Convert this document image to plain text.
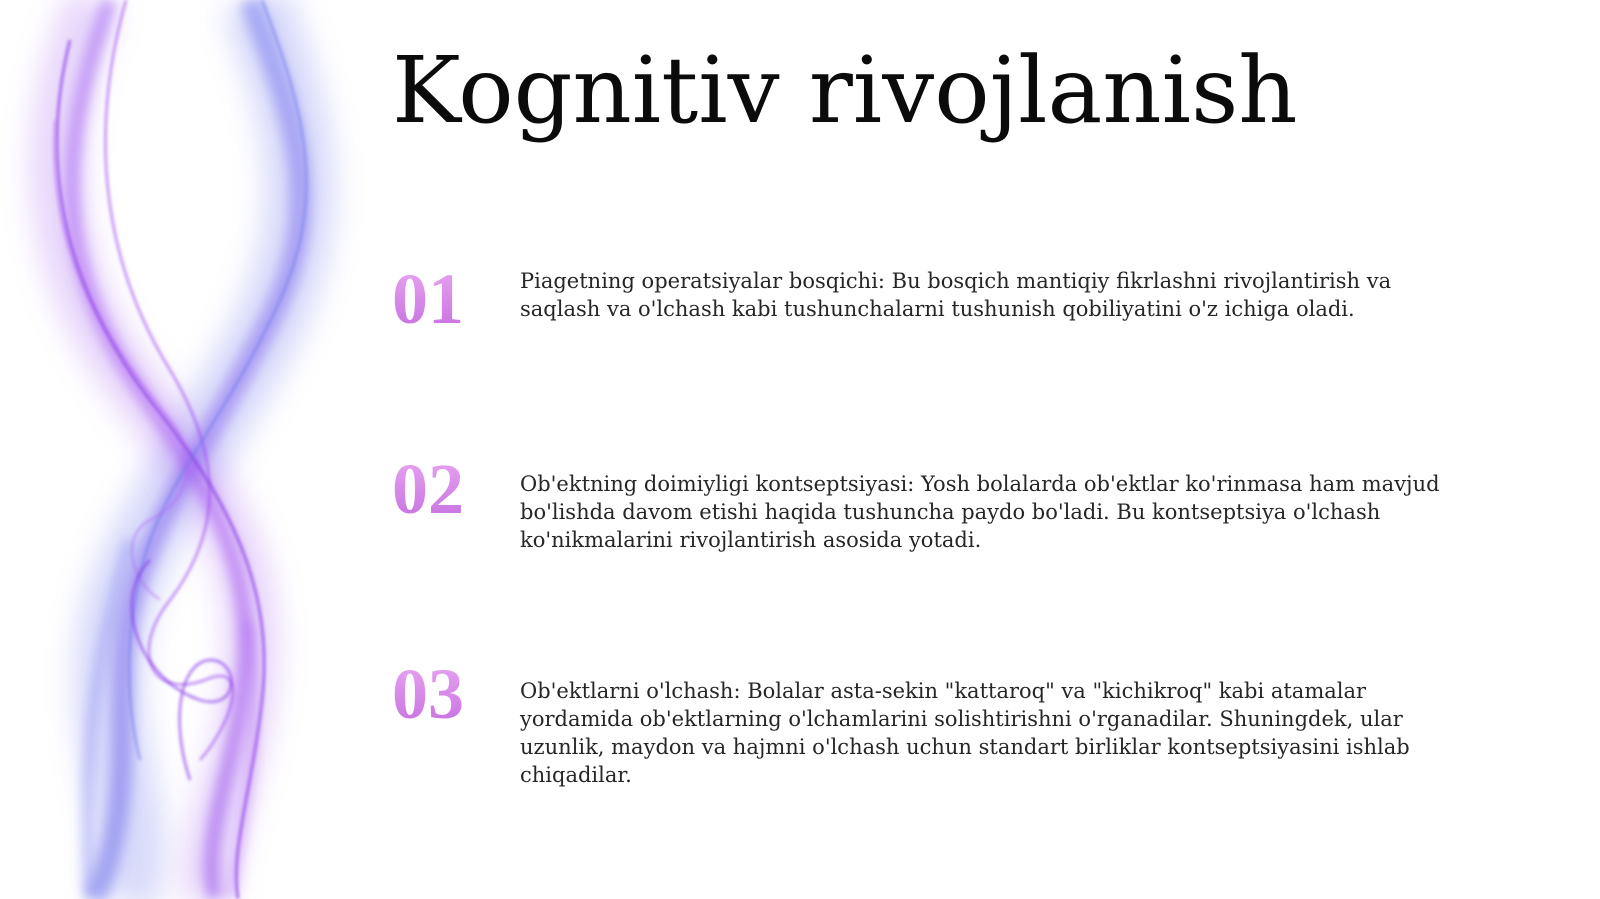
Kognitiv rivojlanish
01	Piagetning operatsiyalar bosqichi: Bu bosqich mantiqiy fikrlashni rivojlantirish va saqlash va o'lchash kabi tushunchalarni tushunish qobiliyatini o'z ichiga oladi.

02	Ob'ektning doimiyligi kontseptsiyasi: Yosh bolalarda ob'ektlar ko'rinmasa ham mavjud bo'lishda davom etishi haqida tushuncha paydo bo'ladi. Bu kontseptsiya o'lchash ko'nikmalarini rivojlantirish asosida yotadi.

03	Ob'ektlarni o'lchash: Bolalar asta-sekin "kattaroq" va "kichikroq" kabi atamalar yordamida ob'ektlarning o'lchamlarini solishtirishni o'rganadilar. Shuningdek, ular uzunlik, maydon va hajmni o'lchash uchun standart birliklar kontseptsiyasini ishlab chiqadilar.
